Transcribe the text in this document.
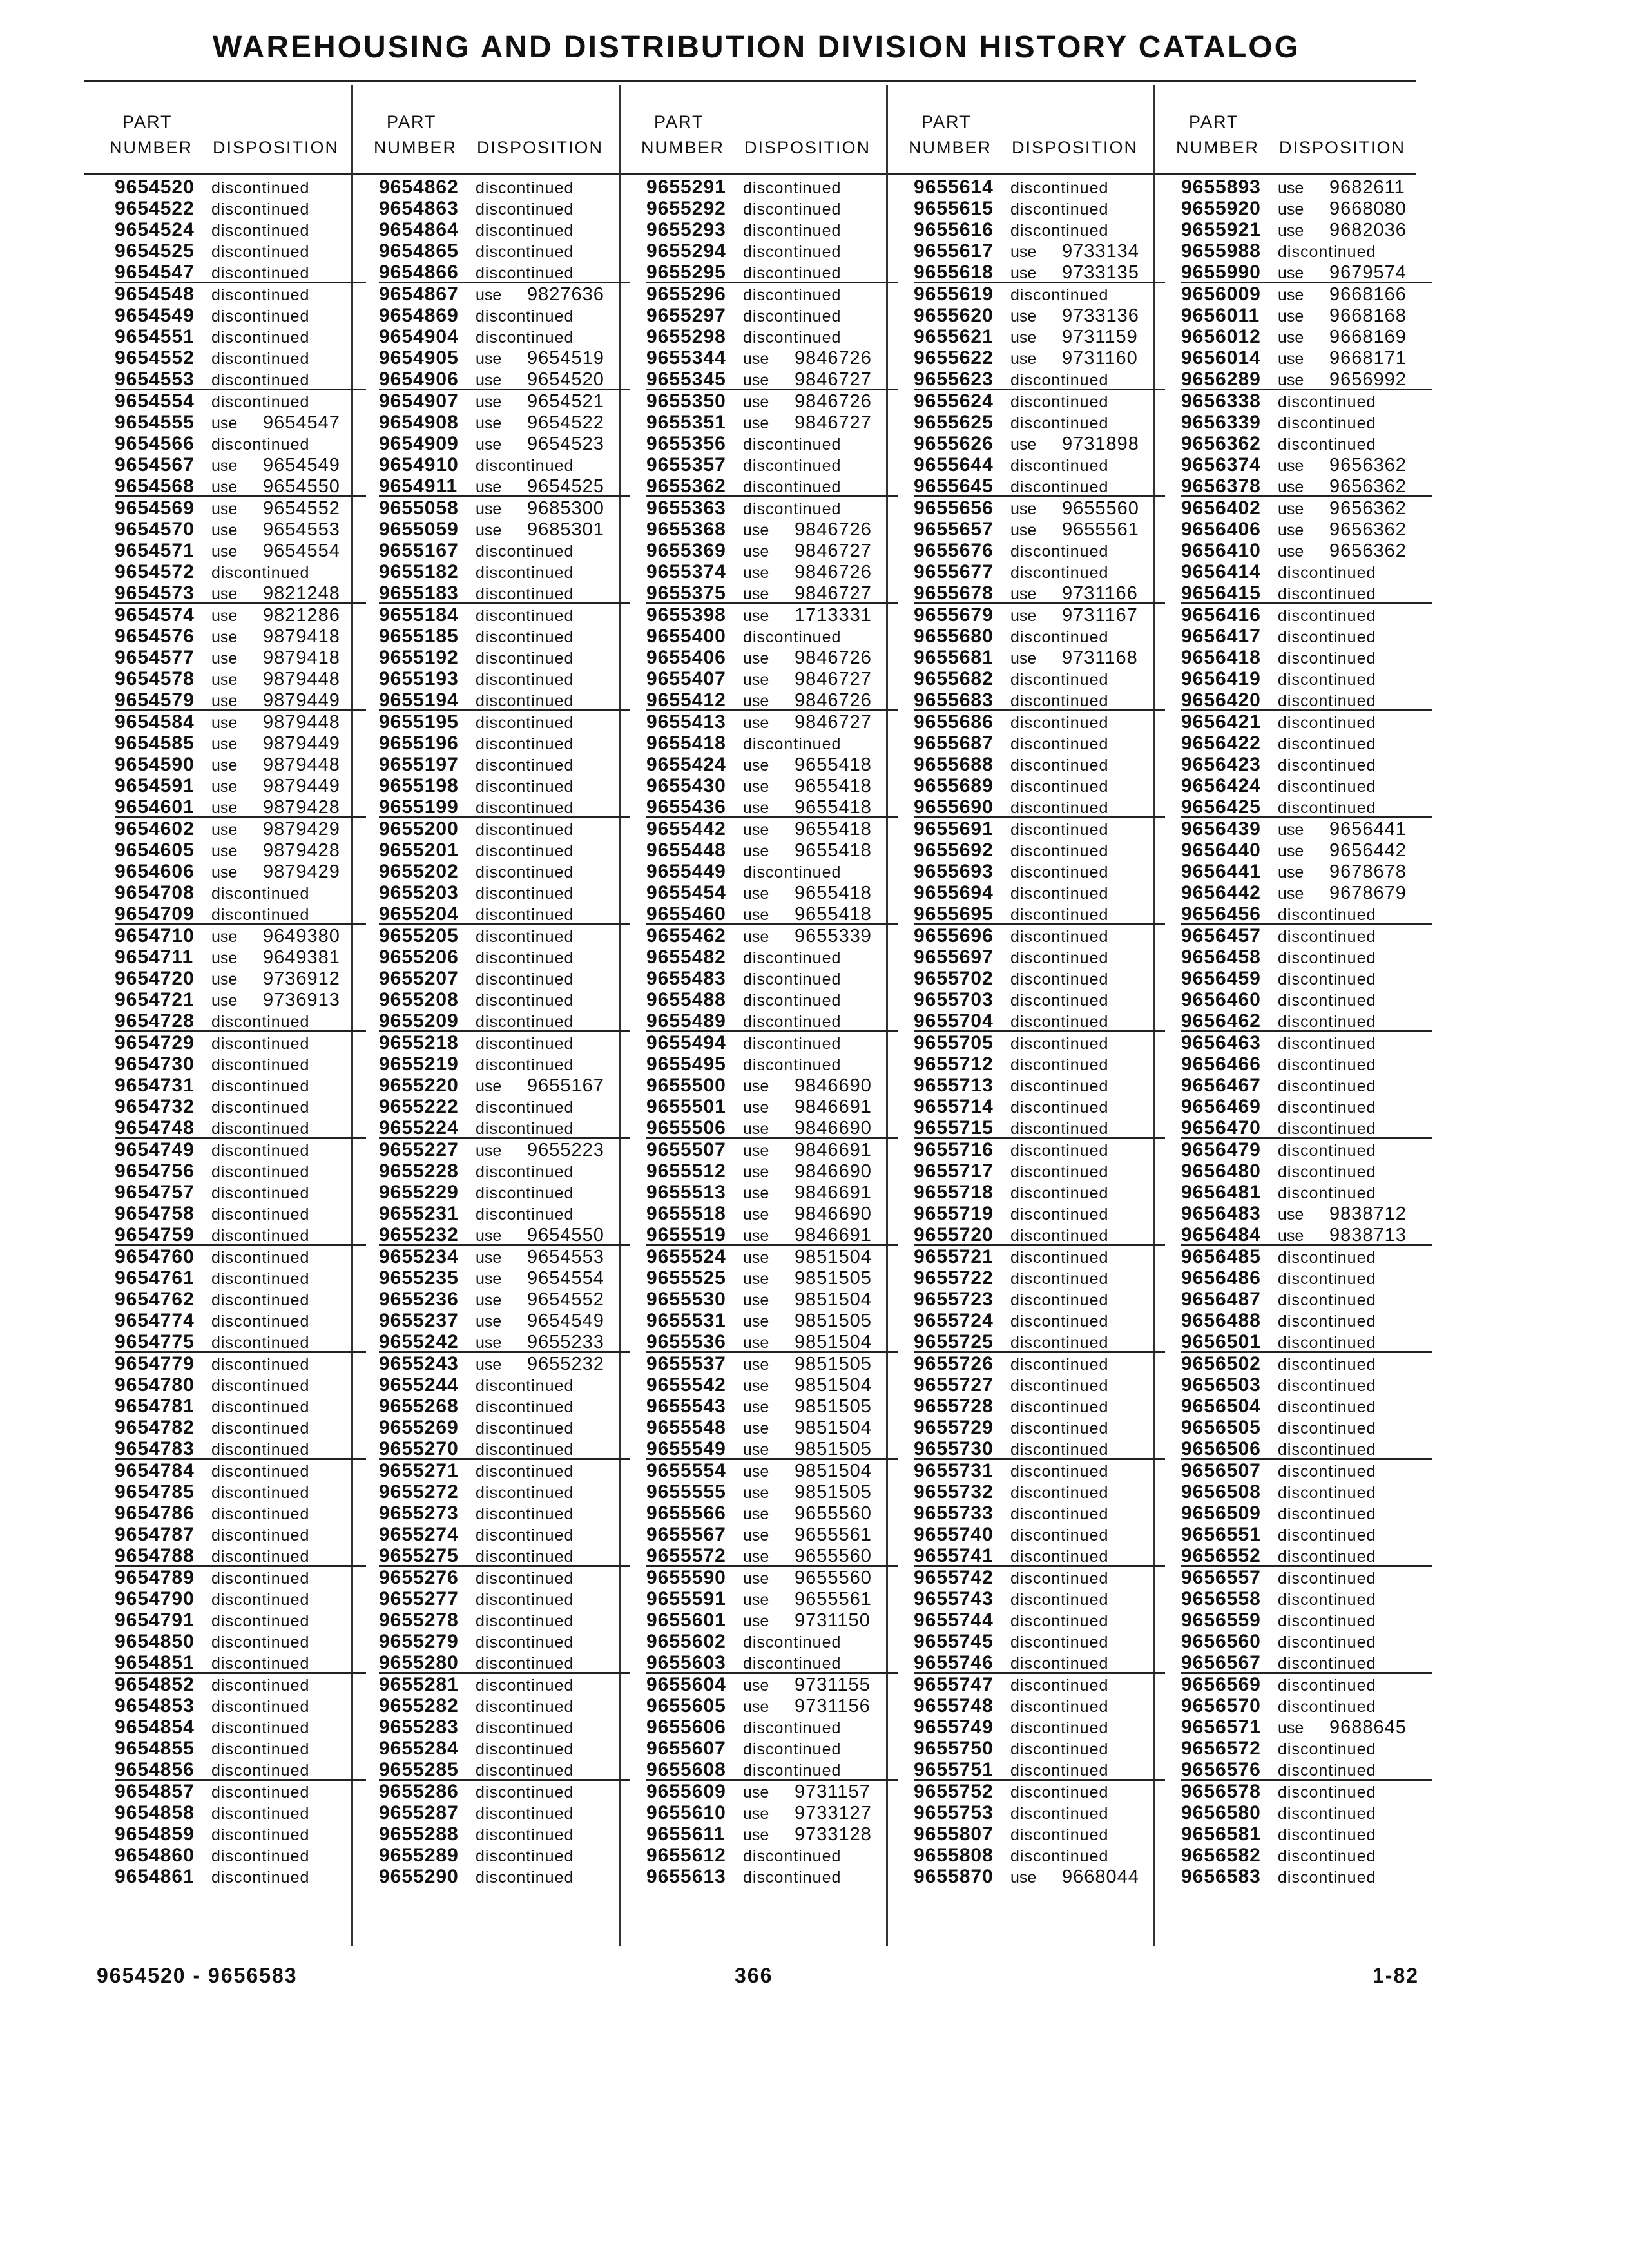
WAREHOUSING AND DISTRIBUTION DIVISION HISTORY CATALOG
PART
NUMBER DISPOSITION
9654520 discontinued
9654522 discontinued
9654524 discontinued
9654525 discontinued
9654547 discontinued
9654548 discontinued
9654549 discontinued
9654551 discontinued
9654552 discontinued
9654553 discontinued
9654554 discontinued
9654555 use 9654547
9654566 discontinued
9654567 use 9654549
9654568 use 9654550
9654569 use 9654552
9654570 use 9654553
9654571 use 9654554
9654572 discontinued
9654573 use 9821248
9654574 use 9821286
9654576 use 9879418
9654577 use 9879418
9654578 use 9879448
9654579 use 9879449
9654584 use 9879448
9654585 use 9879449
9654590 use 9879448
9654591 use 9879449
9654601 use 9879428
9654602 use 9879429
9654605 use 9879428
9654606 use 9879429
9654708 discontinued
9654709 discontinued
9654710 use 9649380
9654711 use 9649381
9654720 use 9736912
9654721 use 9736913
9654728 discontinued
9654729 discontinued
9654730 discontinued
9654731 discontinued
9654732 discontinued
9654748 discontinued
9654749 discontinued
9654756 discontinued
9654757 discontinued
9654758 discontinued
9654759 discontinued
9654760 discontinued
9654761 discontinued
9654762 discontinued
9654774 discontinued
9654775 discontinued
9654779 discontinued
9654780 discontinued
9654781 discontinued
9654782 discontinued
9654783 discontinued
9654784 discontinued
9654785 discontinued
9654786 discontinued
9654787 discontinued
9654788 discontinued
9654789 discontinued
9654790 discontinued
9654791 discontinued
9654850 discontinued
9654851 discontinued
9654852 discontinued
9654853 discontinued
9654854 discontinued
9654855 discontinued
9654856 discontinued
9654857 discontinued
9654858 discontinued
9654859 discontinued
9654860 discontinued
9654861 discontinued
PART
NUMBER DISPOSITION
9654862 discontinued
9654863 discontinued
9654864 discontinued
9654865 discontinued
9654866 discontinued
9654867 use 9827636
9654869 discontinued
9654904 discontinued
9654905 use 9654519
9654906 use 9654520
9654907 use 9654521
9654908 use 9654522
9654909 use 9654523
9654910 discontinued
9654911 use 9654525
9655058 use 9685300
9655059 use 9685301
9655167 discontinued
9655182 discontinued
9655183 discontinued
9655184 discontinued
9655185 discontinued
9655192 discontinued
9655193 discontinued
9655194 discontinued
9655195 discontinued
9655196 discontinued
9655197 discontinued
9655198 discontinued
9655199 discontinued
9655200 discontinued
9655201 discontinued
9655202 discontinued
9655203 discontinued
9655204 discontinued
9655205 discontinued
9655206 discontinued
9655207 discontinued
9655208 discontinued
9655209 discontinued
9655218 discontinued
9655219 discontinued
9655220 use 9655167
9655222 discontinued
9655224 discontinued
9655227 use 9655223
9655228 discontinued
9655229 discontinued
9655231 discontinued
9655232 use 9654550
9655234 use 9654553
9655235 use 9654554
9655236 use 9654552
9655237 use 9654549
9655242 use 9655233
9655243 use 9655232
9655244 discontinued
9655268 discontinued
9655269 discontinued
9655270 discontinued
9655271 discontinued
9655272 discontinued
9655273 discontinued
9655274 discontinued
9655275 discontinued
9655276 discontinued
9655277 discontinued
9655278 discontinued
9655279 discontinued
9655280 discontinued
9655281 discontinued
9655282 discontinued
9655283 discontinued
9655284 discontinued
9655285 discontinued
9655286 discontinued
9655287 discontinued
9655288 discontinued
9655289 discontinued
9655290 discontinued
PART
NUMBER DISPOSITION
9655291 discontinued
9655292 discontinued
9655293 discontinued
9655294 discontinued
9655295 discontinued
9655296 discontinued
9655297 discontinued
9655298 discontinued
9655344 use 9846726
9655345 use 9846727
9655350 use 9846726
9655351 use 9846727
9655356 discontinued
9655357 discontinued
9655362 discontinued
9655363 discontinued
9655368 use 9846726
9655369 use 9846727
9655374 use 9846726
9655375 use 9846727
9655398 use 1713331
9655400 discontinued
9655406 use 9846726
9655407 use 9846727
9655412 use 9846726
9655413 use 9846727
9655418 discontinued
9655424 use 9655418
9655430 use 9655418
9655436 use 9655418
9655442 use 9655418
9655448 use 9655418
9655449 discontinued
9655454 use 9655418
9655460 use 9655418
9655462 use 9655339
9655482 discontinued
9655483 discontinued
9655488 discontinued
9655489 discontinued
9655494 discontinued
9655495 discontinued
9655500 use 9846690
9655501 use 9846691
9655506 use 9846690
9655507 use 9846691
9655512 use 9846690
9655513 use 9846691
9655518 use 9846690
9655519 use 9846691
9655524 use 9851504
9655525 use 9851505
9655530 use 9851504
9655531 use 9851505
9655536 use 9851504
9655537 use 9851505
9655542 use 9851504
9655543 use 9851505
9655548 use 9851504
9655549 use 9851505
9655554 use 9851504
9655555 use 9851505
9655566 use 9655560
9655567 use 9655561
9655572 use 9655560
9655590 use 9655560
9655591 use 9655561
9655601 use 9731150
9655602 discontinued
9655603 discontinued
9655604 use 9731155
9655605 use 9731156
9655606 discontinued
9655607 discontinued
9655608 discontinued
9655609 use 9731157
9655610 use 9733127
9655611 use 9733128
9655612 discontinued
9655613 discontinued
PART
NUMBER DISPOSITION
9655614 discontinued
9655615 discontinued
9655616 discontinued
9655617 use 9733134
9655618 use 9733135
9655619 discontinued
9655620 use 9733136
9655621 use 9731159
9655622 use 9731160
9655623 discontinued
9655624 discontinued
9655625 discontinued
9655626 use 9731898
9655644 discontinued
9655645 discontinued
9655656 use 9655560
9655657 use 9655561
9655676 discontinued
9655677 discontinued
9655678 use 9731166
9655679 use 9731167
9655680 discontinued
9655681 use 9731168
9655682 discontinued
9655683 discontinued
9655686 discontinued
9655687 discontinued
9655688 discontinued
9655689 discontinued
9655690 discontinued
9655691 discontinued
9655692 discontinued
9655693 discontinued
9655694 discontinued
9655695 discontinued
9655696 discontinued
9655697 discontinued
9655702 discontinued
9655703 discontinued
9655704 discontinued
9655705 discontinued
9655712 discontinued
9655713 discontinued
9655714 discontinued
9655715 discontinued
9655716 discontinued
9655717 discontinued
9655718 discontinued
9655719 discontinued
9655720 discontinued
9655721 discontinued
9655722 discontinued
9655723 discontinued
9655724 discontinued
9655725 discontinued
9655726 discontinued
9655727 discontinued
9655728 discontinued
9655729 discontinued
9655730 discontinued
9655731 discontinued
9655732 discontinued
9655733 discontinued
9655740 discontinued
9655741 discontinued
9655742 discontinued
9655743 discontinued
9655744 discontinued
9655745 discontinued
9655746 discontinued
9655747 discontinued
9655748 discontinued
9655749 discontinued
9655750 discontinued
9655751 discontinued
9655752 discontinued
9655753 discontinued
9655807 discontinued
9655808 discontinued
9655870 use 9668044
PART
NUMBER DISPOSITION
9655893 use 9682611
9655920 use 9668080
9655921 use 9682036
9655988 discontinued
9655990 use 9679574
9656009 use 9668166
9656011 use 9668168
9656012 use 9668169
9656014 use 9668171
9656289 use 9656992
9656338 discontinued
9656339 discontinued
9656362 discontinued
9656374 use 9656362
9656378 use 9656362
9656402 use 9656362
9656406 use 9656362
9656410 use 9656362
9656414 discontinued
9656415 discontinued
9656416 discontinued
9656417 discontinued
9656418 discontinued
9656419 discontinued
9656420 discontinued
9656421 discontinued
9656422 discontinued
9656423 discontinued
9656424 discontinued
9656425 discontinued
9656439 use 9656441
9656440 use 9656442
9656441 use 9678678
9656442 use 9678679
9656456 discontinued
9656457 discontinued
9656458 discontinued
9656459 discontinued
9656460 discontinued
9656462 discontinued
9656463 discontinued
9656466 discontinued
9656467 discontinued
9656469 discontinued
9656470 discontinued
9656479 discontinued
9656480 discontinued
9656481 discontinued
9656483 use 9838712
9656484 use 9838713
9656485 discontinued
9656486 discontinued
9656487 discontinued
9656488 discontinued
9656501 discontinued
9656502 discontinued
9656503 discontinued
9656504 discontinued
9656505 discontinued
9656506 discontinued
9656507 discontinued
9656508 discontinued
9656509 discontinued
9656551 discontinued
9656552 discontinued
9656557 discontinued
9656558 discontinued
9656559 discontinued
9656560 discontinued
9656567 discontinued
9656569 discontinued
9656570 discontinued
9656571 use 9688645
9656572 discontinued
9656576 discontinued
9656578 discontinued
9656580 discontinued
9656581 discontinued
9656582 discontinued
9656583 discontinued
9654520 - 9656583	366	1-82
